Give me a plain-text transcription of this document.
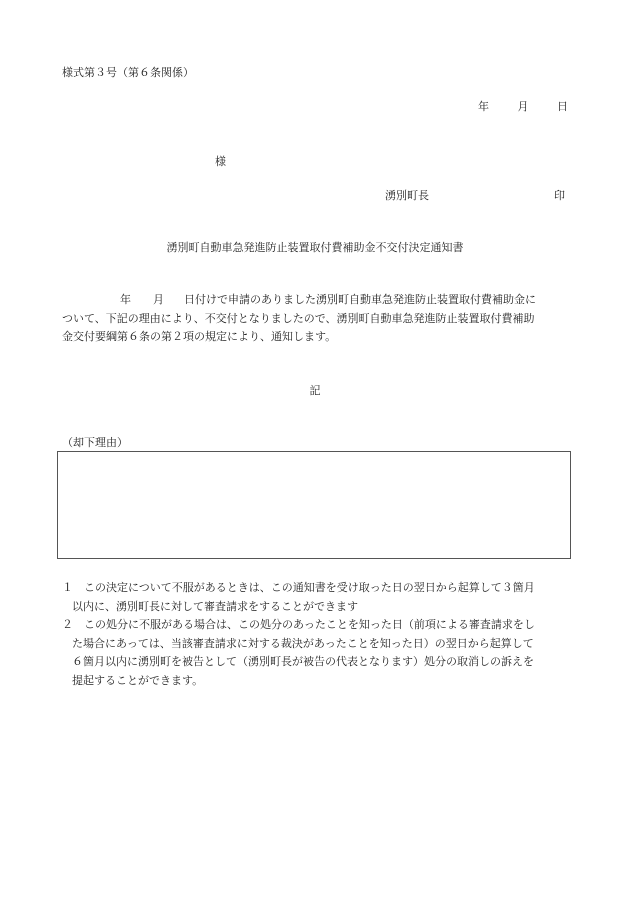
様式第３号（第６条関係）
年	月	日
様
湧別町長	印
湧別町自動車急発進防止装置取付費補助金不交付決定通知書
年 月 日付けで申請のありました湧別町自動車急発進防止装置取付費補助金に
ついて、下記の理由により、不交付となりましたので、湧別町自動車急発進防止装置取付費補助
金交付要綱第６条の第２項の規定により、通知します。
記
（却下理由）
１　この決定について不服があるときは、この通知書を受け取った日の翌日から起算して３箇月
以内に、湧別町長に対して審査請求をすることができます
２　この処分に不服がある場合は、この処分のあったことを知った日（前項による審査請求をし
た場合にあっては、当該審査請求に対する裁決があったことを知った日）の翌日から起算して
６箇月以内に湧別町を被告として（湧別町長が被告の代表となります）処分の取消しの訴えを
提起することができます。
